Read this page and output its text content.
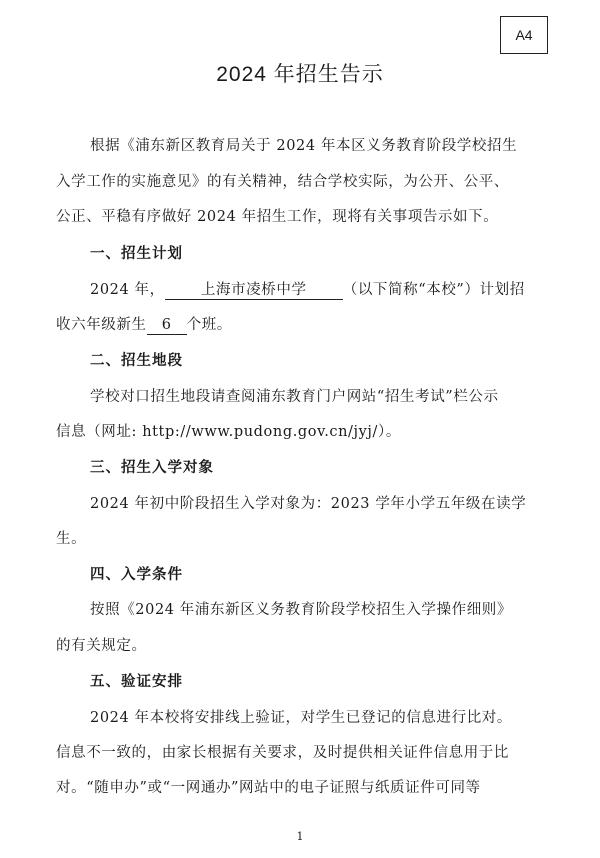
A4
2024 年招生告示
根据《浦东新区教育局关于 2024 年本区义务教育阶段学校招生
入学工作的实施意见》的有关精神，结合学校实际，为公开、公平、
公正、平稳有序做好 2024 年招生工作，现将有关事项告示如下。
一、招生计划
2024 年， 上海市凌桥中学 （以下简称“本校”）计划招
收六年级新生 6 个班。
二、招生地段
学校对口招生地段请查阅浦东教育门户网站“招生考试”栏公示
信息（网址: http://www.pudong.gov.cn/jyj/）。
三、招生入学对象
2024 年初中阶段招生入学对象为：2023 学年小学五年级在读学
生。
四、入学条件
按照《2024 年浦东新区义务教育阶段学校招生入学操作细则》
的有关规定。
五、验证安排
2024 年本校将安排线上验证，对学生已登记的信息进行比对。
信息不一致的，由家长根据有关要求，及时提供相关证件信息用于比
对。“随申办”或“一网通办”网站中的电子证照与纸质证件可同等
1
